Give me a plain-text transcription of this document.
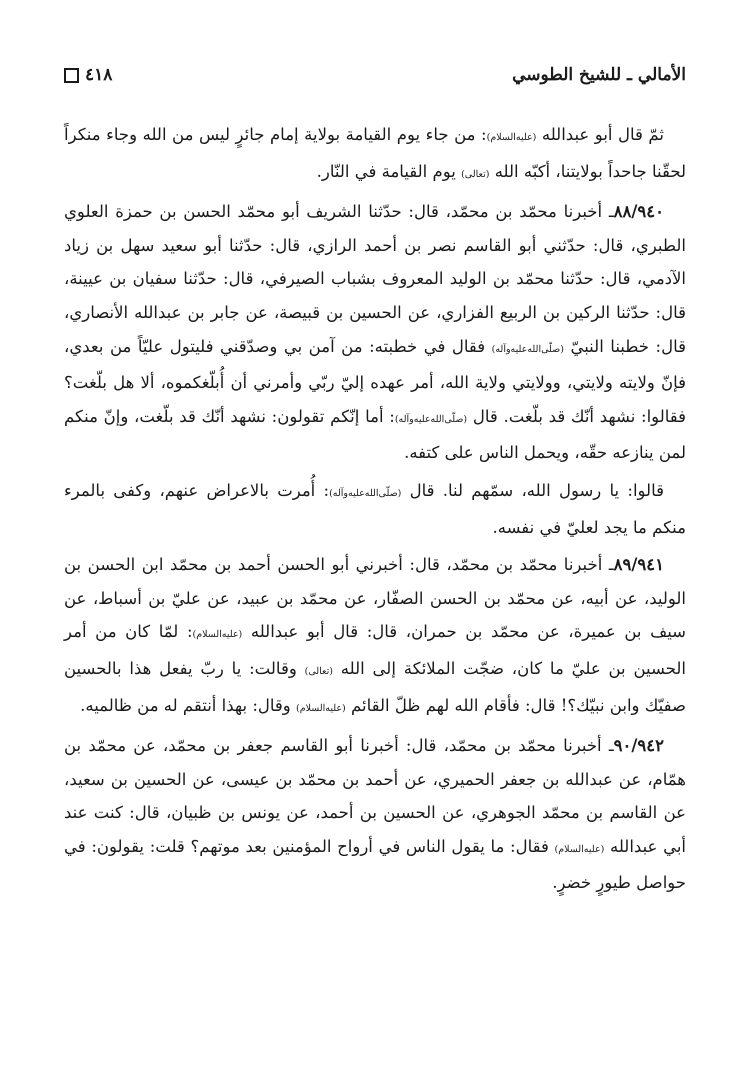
٤١٨	الأمالي ـ للشيخ الطوسي

ثمّ قال أبو عبدالله (عليه‌السلام): من جاء يوم القيامة بولاية إمام جائرٍ ليس من الله وجاء منكراً لحقّنا جاحداً بولايتنا، أكبّه الله (تعالى) يوم القيامة في النّار.

٨٨/٩٤٠ـ أخبرنا محمّد بن محمّد، قال: حدّثنا الشريف أبو محمّد الحسن بن حمزة العلوي الطبري، قال: حدّثني أبو القاسم نصر بن أحمد الرازي، قال: حدّثنا أبو سعيد سهل بن زياد الآدمي، قال: حدّثنا محمّد بن الوليد المعروف بشباب الصيرفي، قال: حدّثنا سفيان بن عيينة، قال: حدّثنا الركين بن الربيع الفزاري، عن الحسين بن قبيصة، عن جابر بن عبدالله الأنصاري، قال: خطبنا النبيّ (صلّى‌الله‌عليه‌وآله) فقال في خطبته: من آمن بي وصدّقني فليتول عليّاً من بعدي، فإنّ ولايته ولايتي، وولايتي ولاية الله، أمر عهده إليّ ربّي وأمرني أن أُبلّغكموه، ألا هل بلّغت؟ فقالوا: نشهد أنّك قد بلّغت. قال (صلّى‌الله‌عليه‌وآله): أما إنّكم تقولون: نشهد أنّك قد بلّغت، وإنّ منكم لمن ينازعه حقّه، ويحمل الناس على كتفه.

قالوا: يا رسول الله، سمّهم لنا. قال (صلّى‌الله‌عليه‌وآله): أُمرت بالاعراض عنهم، وكفى بالمرء منكم ما يجد لعليّ في نفسه.

٨٩/٩٤١ـ أخبرنا محمّد بن محمّد، قال: أخبرني أبو الحسن أحمد بن محمّد ابن الحسن بن الوليد، عن أبيه، عن محمّد بن الحسن الصفّار، عن محمّد بن عبيد، عن عليّ بن أسباط، عن سيف بن عميرة، عن محمّد بن حمران، قال: قال أبو عبدالله (عليه‌السلام): لمّا كان من أمر الحسين بن عليّ ما كان، ضجّت الملائكة إلى الله (تعالى) وقالت: يا ربّ يفعل هذا بالحسين صفيّك وابن نبيّك؟! قال: فأقام الله لهم ظلّ القائم (عليه‌السلام) وقال: بهذا أنتقم له من ظالميه.

٩٠/٩٤٢ـ أخبرنا محمّد بن محمّد، قال: أخبرنا أبو القاسم جعفر بن محمّد، عن محمّد بن همّام، عن عبدالله بن جعفر الحميري، عن أحمد بن محمّد بن عيسى، عن الحسين بن سعيد، عن القاسم بن محمّد الجوهري، عن الحسين بن أحمد، عن يونس بن ظبيان، قال: كنت عند أبي عبدالله (عليه‌السلام) فقال: ما يقول الناس في أرواح المؤمنين بعد موتهم؟ قلت: يقولون: في حواصل طيورٍ خضرٍ.
